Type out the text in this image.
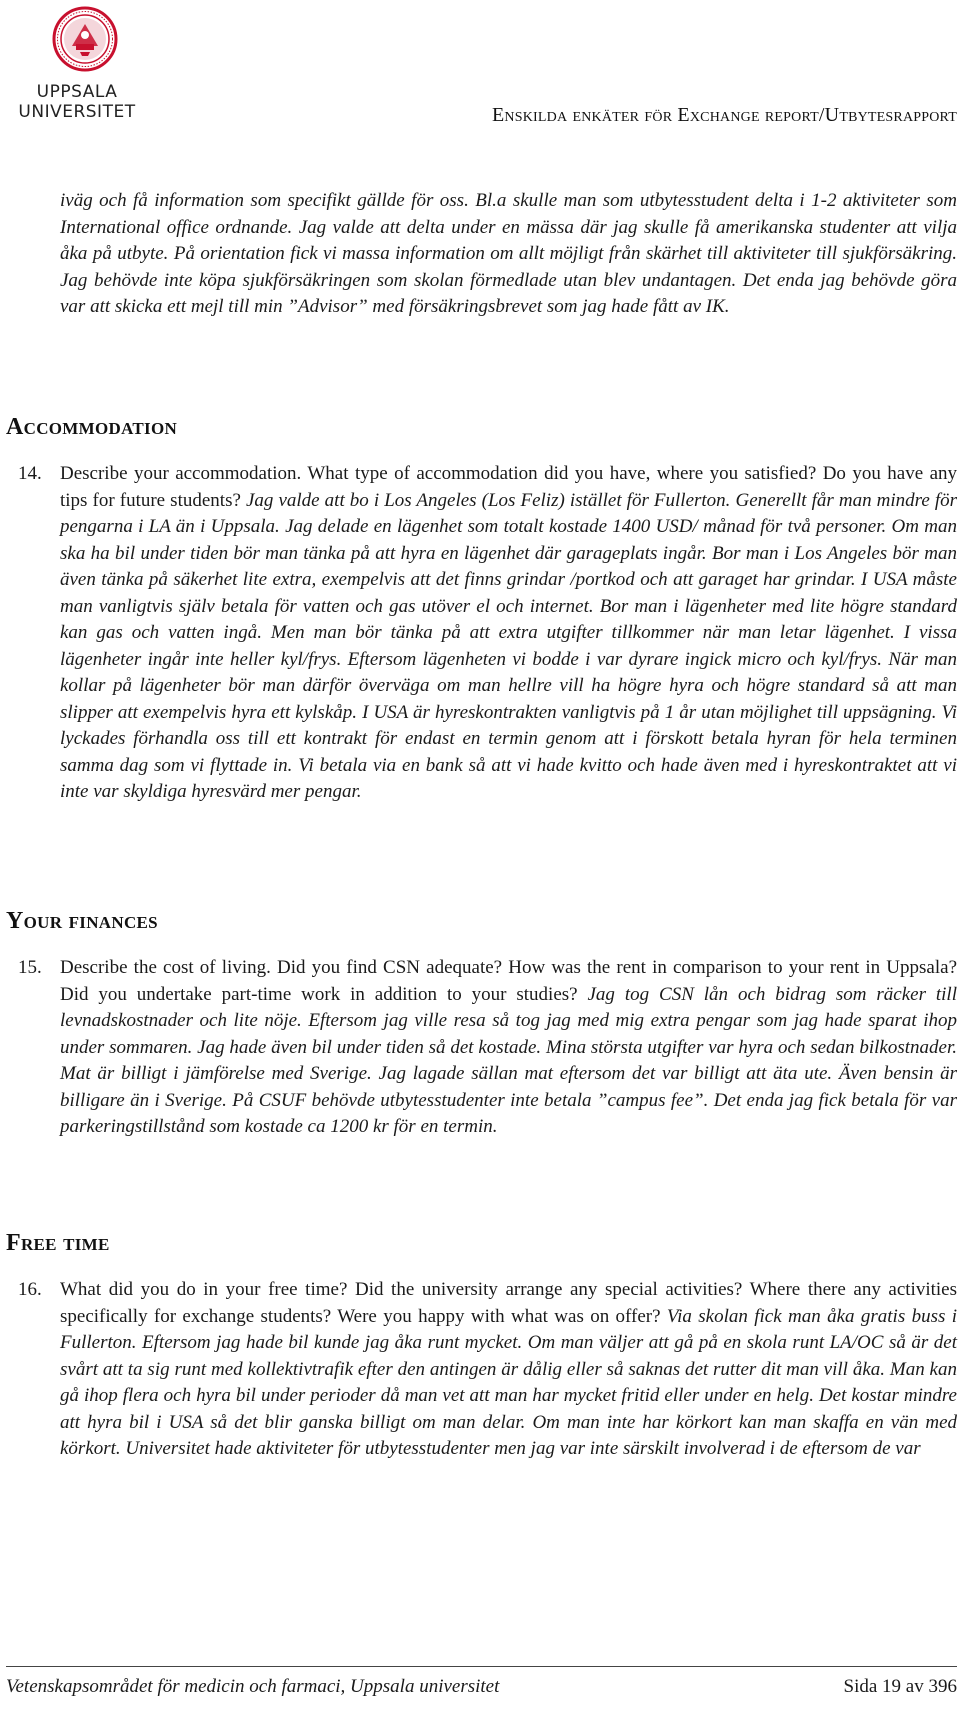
UPPSALA
UNIVERSITET	Enskilda enkäter för Exchange report/Utbytesrapport

iväg och få information som specifikt gällde för oss. Bl.a skulle man som utbytesstudent delta i 1-2 aktiviteter som International office ordnande. Jag valde att delta under en mässa där jag skulle få amerikanska studenter att vilja åka på utbyte. På orientation fick vi massa information om allt möjligt från skärhet till aktiviteter till sjukförsäkring. Jag behövde inte köpa sjukförsäkringen som skolan förmedlade utan blev undantagen. Det enda jag behövde göra var att skicka ett mejl till min ”Advisor” med försäkringsbrevet som jag hade fått av IK.

Accommodation
14. Describe your accommodation. What type of accommodation did you have, where you satisfied? Do you have any tips for future students? Jag valde att bo i Los Angeles (Los Feliz) istället för Fullerton. Generellt får man mindre för pengarna i LA än i Uppsala. Jag delade en lägenhet som totalt kostade 1400 USD/ månad för två personer. Om man ska ha bil under tiden bör man tänka på att hyra en lägenhet där garageplats ingår. Bor man i Los Angeles bör man även tänka på säkerhet lite extra, exempelvis att det finns grindar /portkod och att garaget har grindar. I USA måste man vanligtvis själv betala för vatten och gas utöver el och internet. Bor man i lägenheter med lite högre standard kan gas och vatten ingå. Men man bör tänka på att extra utgifter tillkommer när man letar lägenhet. I vissa lägenheter ingår inte heller kyl/frys. Eftersom lägenheten vi bodde i var dyrare ingick micro och kyl/frys. När man kollar på lägenheter bör man därför överväga om man hellre vill ha högre hyra och högre standard så att man slipper att exempelvis hyra ett kylskåp. I USA är hyreskontrakten vanligtvis på 1 år utan möjlighet till uppsägning. Vi lyckades förhandla oss till ett kontrakt för endast en termin genom att i förskott betala hyran för hela terminen samma dag som vi flyttade in. Vi betala via en bank så att vi hade kvitto och hade även med i hyreskontraktet att vi inte var skyldiga hyresvärd mer pengar.

Your finances
15. Describe the cost of living. Did you find CSN adequate? How was the rent in comparison to your rent in Uppsala? Did you undertake part-time work in addition to your studies? Jag tog CSN lån och bidrag som räcker till levnadskostnader och lite nöje. Eftersom jag ville resa så tog jag med mig extra pengar som jag hade sparat ihop under sommaren. Jag hade även bil under tiden så det kostade. Mina största utgifter var hyra och sedan bilkostnader. Mat är billigt i jämförelse med Sverige. Jag lagade sällan mat eftersom det var billigt att äta ute. Även bensin är billigare än i Sverige. På CSUF behövde utbytesstudenter inte betala ”campus fee”. Det enda jag fick betala för var parkeringstillstånd som kostade ca 1200 kr för en termin.

Free time
16. What did you do in your free time? Did the university arrange any special activities? Where there any activities specifically for exchange students? Were you happy with what was on offer? Via skolan fick man åka gratis buss i Fullerton. Eftersom jag hade bil kunde jag åka runt mycket. Om man väljer att gå på en skola runt LA/OC så är det svårt att ta sig runt med kollektivtrafik efter den antingen är dålig eller så saknas det rutter dit man vill åka. Man kan gå ihop flera och hyra bil under perioder då man vet att man har mycket fritid eller under en helg. Det kostar mindre att hyra bil i USA så det blir ganska billigt om man delar. Om man inte har körkort kan man skaffa en vän med körkort. Universitet hade aktiviteter för utbytesstudenter men jag var inte särskilt involverad i de eftersom de var

Vetenskapsområdet för medicin och farmaci, Uppsala universitet	Sida 19 av 396
